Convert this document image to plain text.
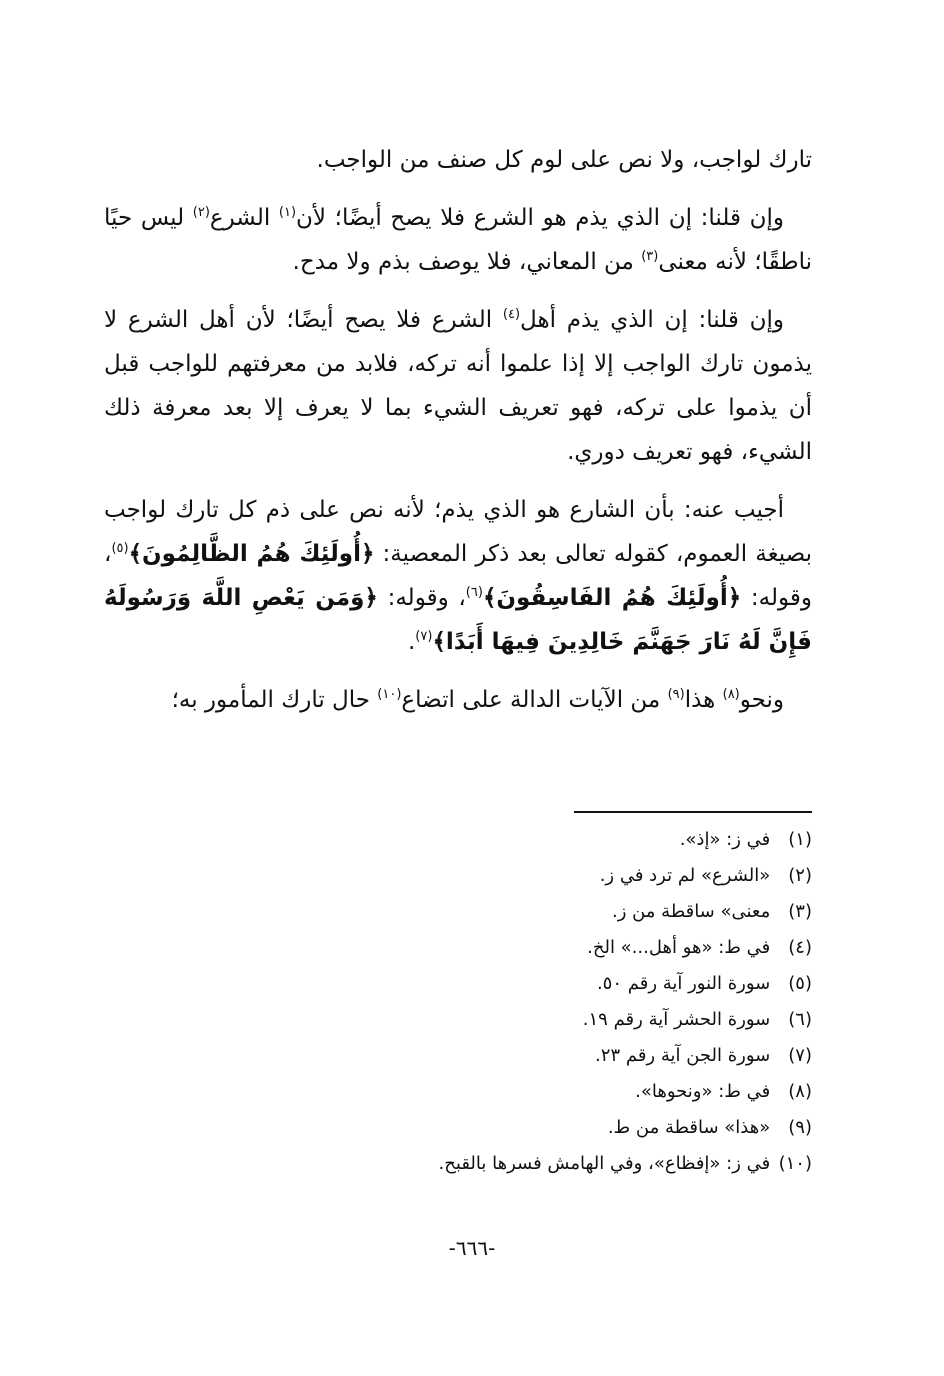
تارك لواجب، ولا نص على لوم كل صنف من الواجب.

وإن قلنا: إن الذي يذم هو الشرع فلا يصح أيضًا؛ لأن$^{(١)}$ الشرع$^{(٢)}$ ليس حيًا ناطقًا؛ لأنه معنى$^{(٣)}$ من المعاني، فلا يوصف بذم ولا مدح.

وإن قلنا: إن الذي يذم أهل$^{(٤)}$ الشرع فلا يصح أيضًا؛ لأن أهل الشرع لا يذمون تارك الواجب إلا إذا علموا أنه تركه، فلابد من معرفتهم للواجب قبل أن يذموا على تركه، فهو تعريف الشيء بما لا يعرف إلا بعد معرفة ذلك الشيء، فهو تعريف دوري.

أجيب عنه: بأن الشارع هو الذي يذم؛ لأنه نص على ذم كل تارك لواجب بصيغة العموم، كقوله تعالى بعد ذكر المعصية: ﴿أُولَئِكَ هُمُ الظَّالِمُونَ﴾$^{(٥)}$، وقوله: ﴿أُولَئِكَ هُمُ الفَاسِقُونَ﴾$^{(٦)}$، وقوله: ﴿وَمَن يَعْصِ اللَّهَ وَرَسُولَهُ فَإِنَّ لَهُ نَارَ جَهَنَّمَ خَالِدِينَ فِيهَا أَبَدًا﴾$^{(٧)}$.

ونحو$^{(٨)}$ هذا$^{(٩)}$ من الآيات الدالة على اتضاع$^{(١٠)}$ حال تارك المأمور به؛

(١) في ز: «إذ».
(٢) «الشرع» لم ترد في ز.
(٣) معنى» ساقطة من ز.
(٤) في ط: «هو أهل...» الخ.
(٥) سورة النور آية رقم ٥٠.
(٦) سورة الحشر آية رقم ١٩.
(٧) سورة الجن آية رقم ٢٣.
(٨) في ط: «ونحوها».
(٩) «هذا» ساقطة من ط.
(١٠) في ز: «إفظاع»، وفي الهامش فسرها بالقبح.
-٦٦٦-
